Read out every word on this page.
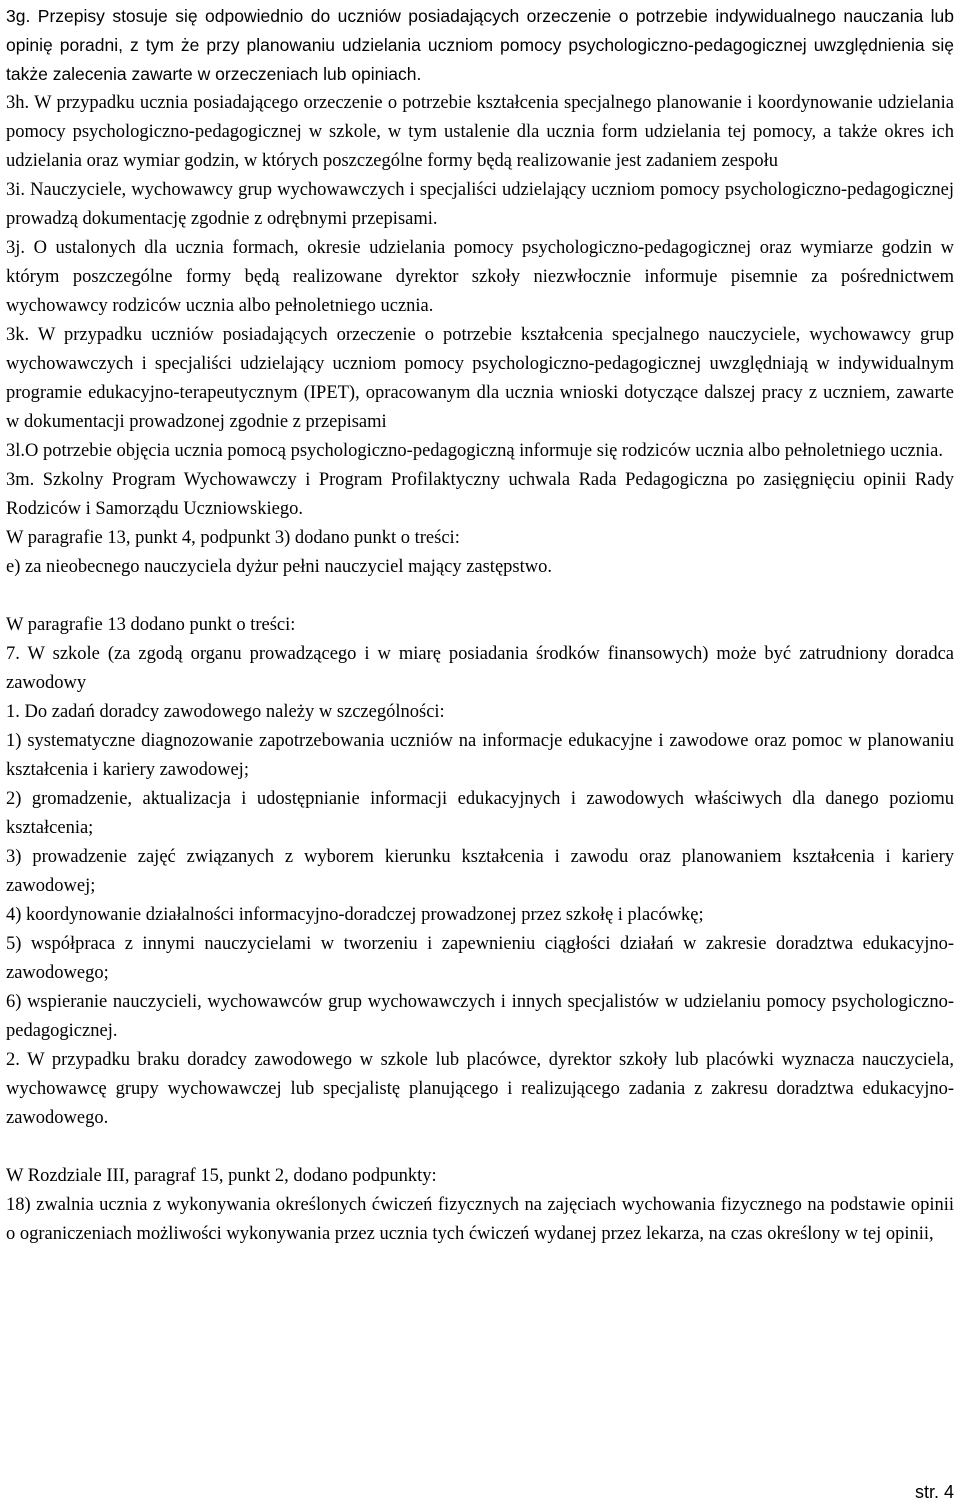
3g. Przepisy stosuje się odpowiednio do uczniów posiadających orzeczenie o potrzebie indywidualnego nauczania lub opinię poradni, z tym że przy planowaniu udzielania uczniom pomocy psychologiczno-pedagogicznej uwzględnienia się także zalecenia zawarte w orzeczeniach lub opiniach.

3h. W przypadku ucznia posiadającego orzeczenie o potrzebie kształcenia specjalnego planowanie i koordynowanie udzielania pomocy psychologiczno-pedagogicznej w szkole, w tym ustalenie dla ucznia form udzielania tej pomocy, a także okres ich udzielania oraz wymiar godzin, w których poszczególne formy będą realizowanie jest zadaniem zespołu

3i. Nauczyciele, wychowawcy grup wychowawczych i specjaliści udzielający uczniom pomocy psychologiczno-pedagogicznej prowadzą dokumentację zgodnie z odrębnymi przepisami.

3j. O ustalonych dla ucznia formach, okresie udzielania pomocy psychologiczno-pedagogicznej oraz wymiarze godzin w którym poszczególne formy będą realizowane dyrektor szkoły niezwłocznie informuje pisemnie za pośrednictwem wychowawcy rodziców ucznia albo pełnoletniego ucznia.

3k. W przypadku uczniów posiadających orzeczenie o potrzebie kształcenia specjalnego nauczyciele, wychowawcy grup wychowawczych i specjaliści udzielający uczniom pomocy psychologiczno-pedagogicznej uwzględniają w indywidualnym programie edukacyjno-terapeutycznym (IPET), opracowanym dla ucznia wnioski dotyczące dalszej pracy z uczniem, zawarte w dokumentacji prowadzonej zgodnie z przepisami

3l.O potrzebie objęcia ucznia pomocą psychologiczno-pedagogiczną informuje się rodziców ucznia albo pełnoletniego ucznia.

3m. Szkolny Program Wychowawczy i Program Profilaktyczny uchwala Rada Pedagogiczna po zasięgnięciu opinii Rady Rodziców i Samorządu Uczniowskiego.

W paragrafie 13, punkt 4, podpunkt 3) dodano punkt o treści:

e) za nieobecnego nauczyciela dyżur pełni nauczyciel mający zastępstwo.

W paragrafie 13 dodano punkt o treści:

7. W szkole (za zgodą organu prowadzącego i w miarę posiadania środków finansowych) może być zatrudniony doradca zawodowy

1. Do zadań doradcy zawodowego należy w szczególności:

1) systematyczne diagnozowanie zapotrzebowania uczniów na informacje edukacyjne i zawodowe oraz pomoc w planowaniu kształcenia i kariery zawodowej;

2) gromadzenie, aktualizacja i udostępnianie informacji edukacyjnych i zawodowych właściwych dla danego poziomu kształcenia;

3) prowadzenie zajęć związanych z wyborem kierunku kształcenia i zawodu oraz planowaniem kształcenia i kariery zawodowej;

4) koordynowanie działalności informacyjno-doradczej prowadzonej przez szkołę i placówkę;

5) współpraca z innymi nauczycielami w tworzeniu i zapewnieniu ciągłości działań w zakresie doradztwa edukacyjno-zawodowego;

6) wspieranie nauczycieli, wychowawców grup wychowawczych i innych specjalistów w udzielaniu pomocy psychologiczno-pedagogicznej.

2. W przypadku braku doradcy zawodowego w szkole lub placówce, dyrektor szkoły lub placówki wyznacza nauczyciela, wychowawcę grupy wychowawczej lub specjalistę planującego i realizującego zadania z zakresu doradztwa edukacyjno-zawodowego.

W Rozdziale III, paragraf 15, punkt 2, dodano podpunkty:

18) zwalnia ucznia z wykonywania określonych ćwiczeń fizycznych na zajęciach wychowania fizycznego na podstawie opinii o ograniczeniach możliwości wykonywania przez ucznia tych ćwiczeń wydanej przez lekarza, na czas określony w tej opinii,

str. 4
